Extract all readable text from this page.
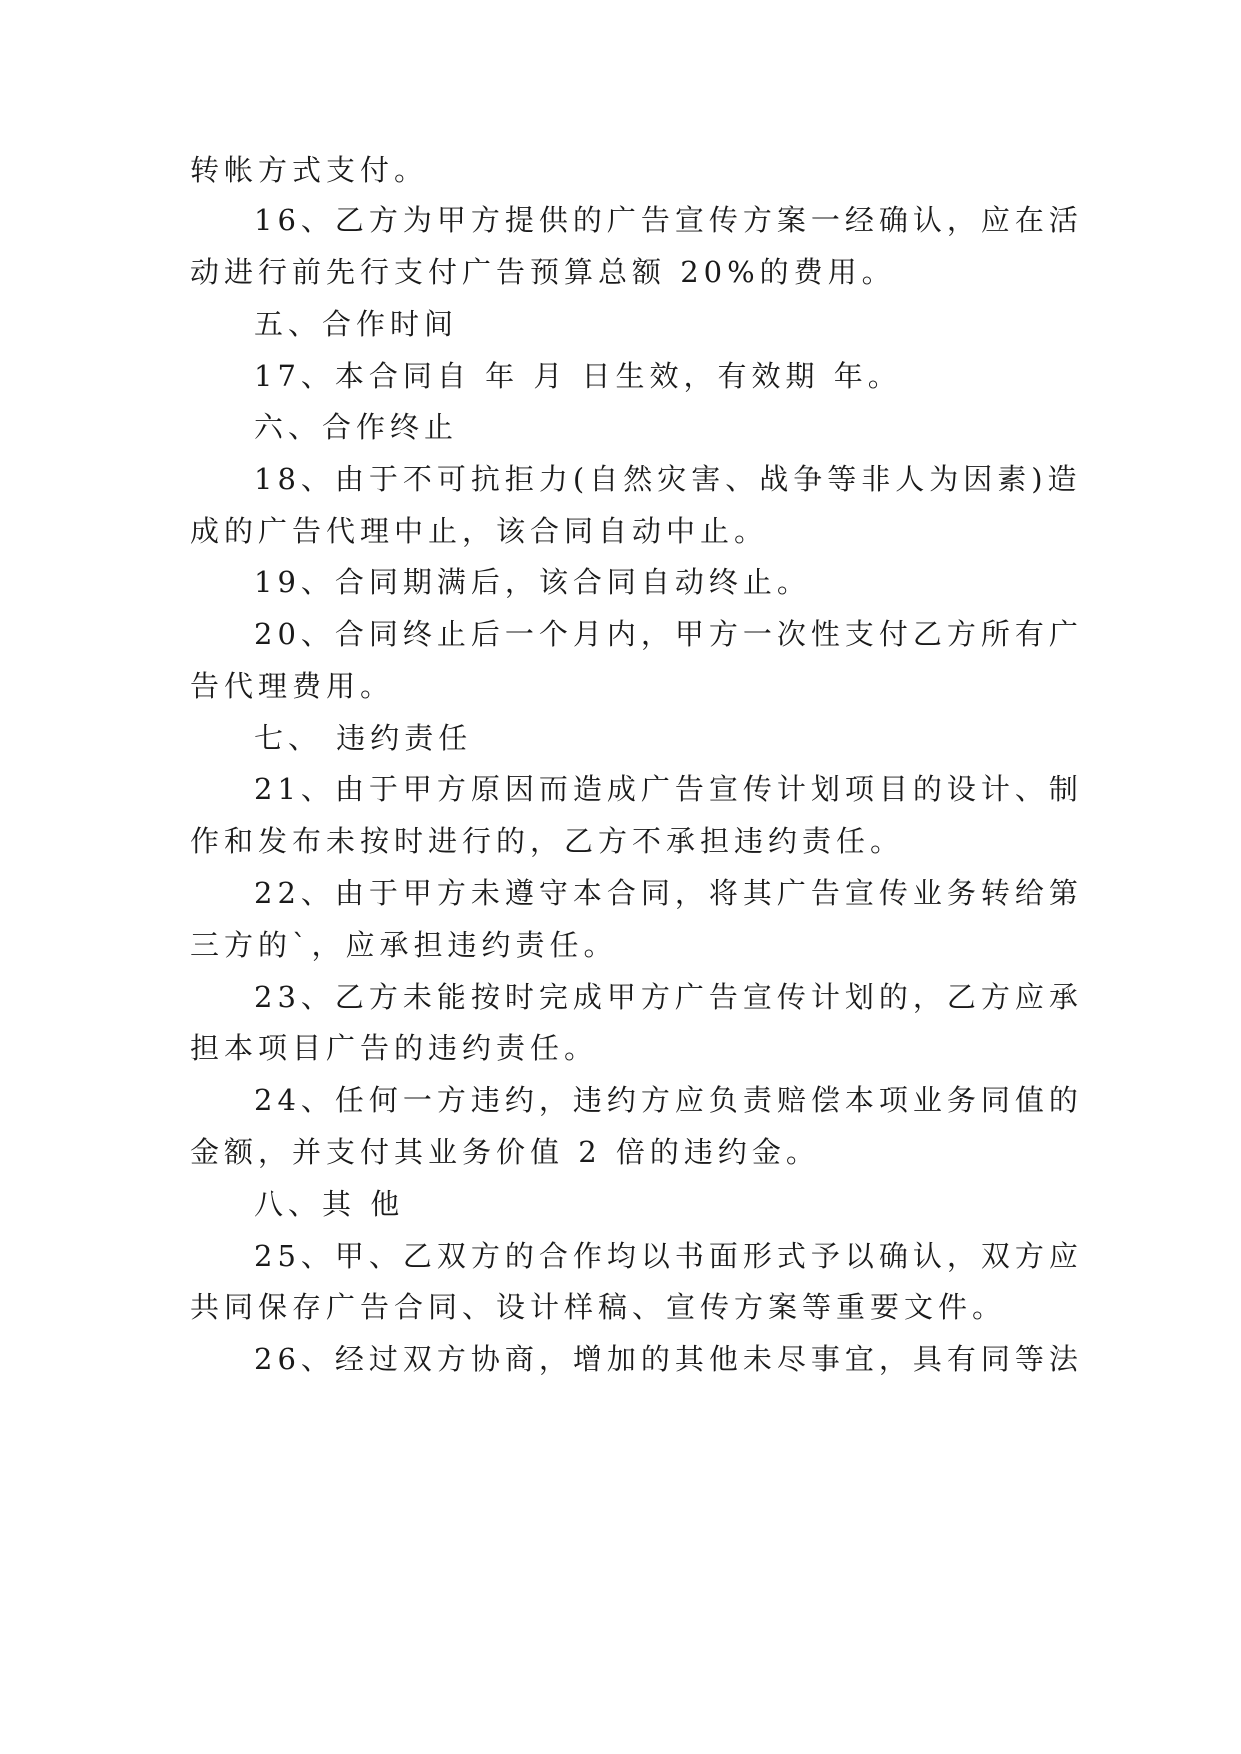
转帐方式支付。
16、乙方为甲方提供的广告宣传方案一经确认，应在活
动进行前先行支付广告预算总额 20%的费用。
五、合作时间
17、本合同自 年 月 日生效，有效期 年。
六、合作终止
18、由于不可抗拒力(自然灾害、战争等非人为因素)造
成的广告代理中止，该合同自动中止。
19、合同期满后，该合同自动终止。
20、合同终止后一个月内，甲方一次性支付乙方所有广
告代理费用。
七、 违约责任
21、由于甲方原因而造成广告宣传计划项目的设计、制
作和发布未按时进行的，乙方不承担违约责任。
22、由于甲方未遵守本合同，将其广告宣传业务转给第
三方的`，应承担违约责任。
23、乙方未能按时完成甲方广告宣传计划的，乙方应承
担本项目广告的违约责任。
24、任何一方违约，违约方应负责赔偿本项业务同值的
金额，并支付其业务价值 2 倍的违约金。
八、其 他
25、甲、乙双方的合作均以书面形式予以确认，双方应
共同保存广告合同、设计样稿、宣传方案等重要文件。
26、经过双方协商，增加的其他未尽事宜，具有同等法
